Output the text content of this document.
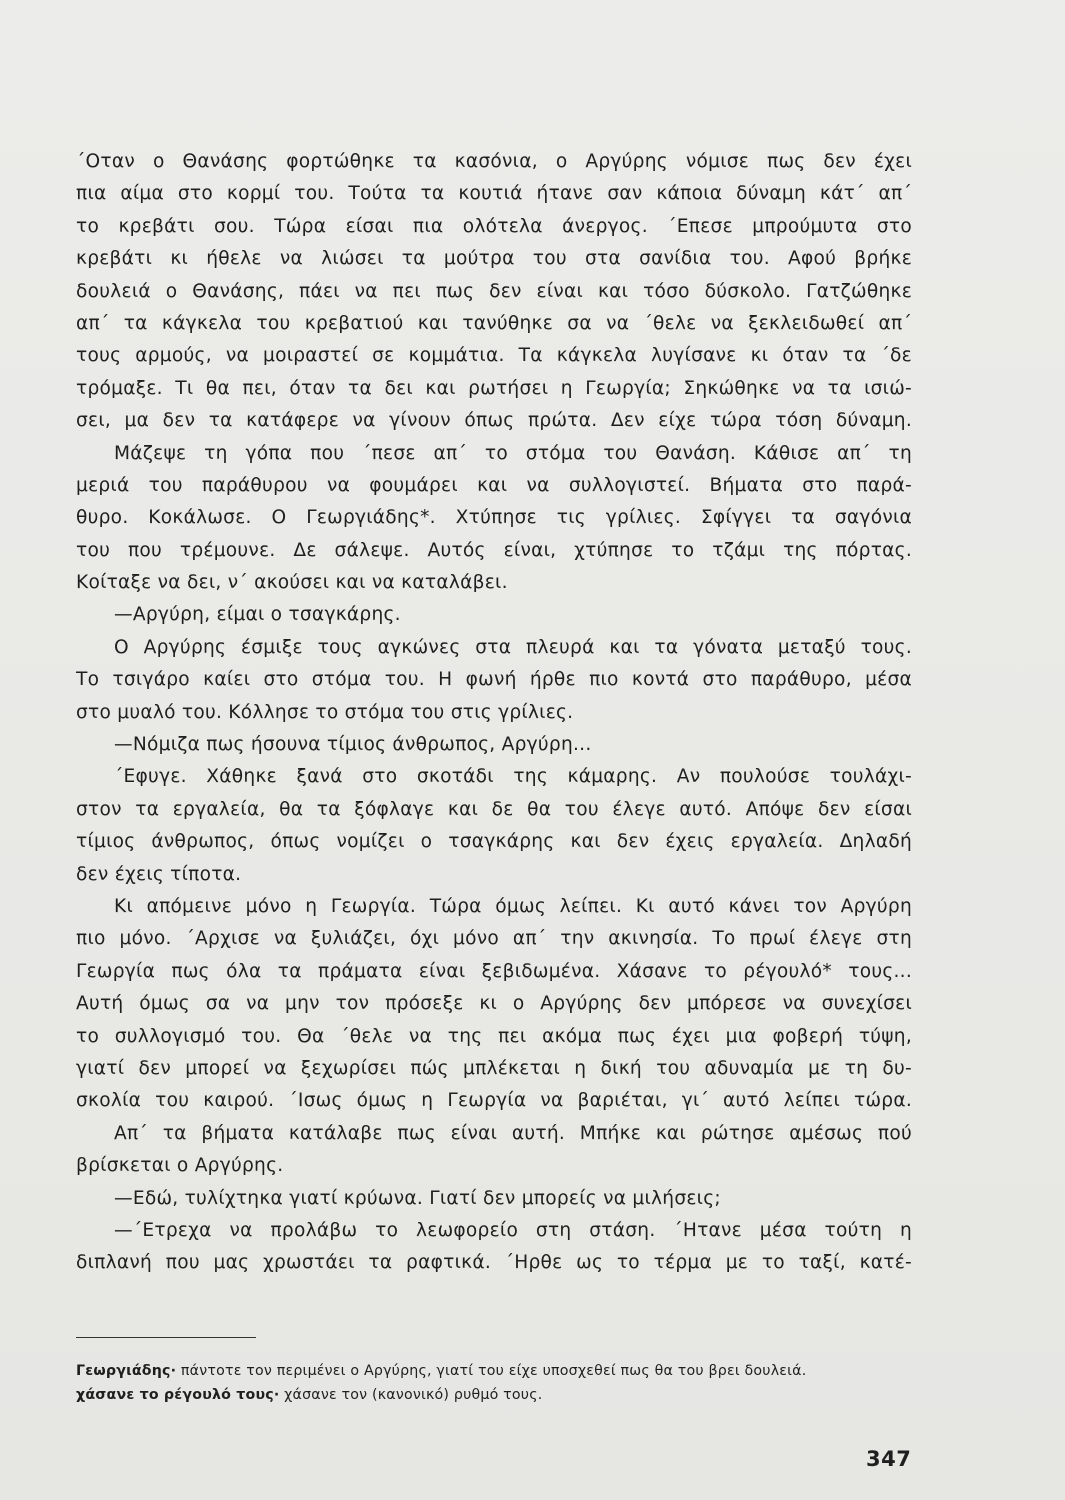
΄Οταν ο Θανάσης φορτώθηκε τα κασόνια, ο Αργύρης νόμισε πως δεν έχει
πια αίμα στο κορμί του. Τούτα τα κουτιά ήτανε σαν κάποια δύναμη κάτ΄ απ΄
το κρεβάτι σου. Τώρα είσαι πια ολότελα άνεργος. ΄Επεσε μπρούμυτα στο
κρεβάτι κι ήθελε να λιώσει τα μούτρα του στα σανίδια του. Αφού βρήκε
δουλειά ο Θανάσης, πάει να πει πως δεν είναι και τόσο δύσκολο. Γατζώθηκε
απ΄ τα κάγκελα του κρεβατιού και τανύθηκε σα να ΄θελε να ξεκλειδωθεί απ΄
τους αρμούς, να μοιραστεί σε κομμάτια. Τα κάγκελα λυγίσανε κι όταν τα ΄δε
τρόμαξε. Τι θα πει, όταν τα δει και ρωτήσει η Γεωργία; Σηκώθηκε να τα ισιώ-
σει, μα δεν τα κατάφερε να γίνουν όπως πρώτα. Δεν είχε τώρα τόση δύναμη.
Μάζεψε τη γόπα που ΄πεσε απ΄ το στόμα του Θανάση. Κάθισε απ΄ τη
μεριά του παράθυρου να φουμάρει και να συλλογιστεί. Βήματα στο παρά-
θυρο. Κοκάλωσε. Ο Γεωργιάδης*. Χτύπησε τις γρίλιες. Σφίγγει τα σαγόνια
του που τρέμουνε. Δε σάλεψε. Αυτός είναι, χτύπησε το τζάμι της πόρτας.
Κοίταξε να δει, ν΄ ακούσει και να καταλάβει.
—Αργύρη, είμαι ο τσαγκάρης.
Ο Αργύρης έσμιξε τους αγκώνες στα πλευρά και τα γόνατα μεταξύ τους.
Το τσιγάρο καίει στο στόμα του. Η φωνή ήρθε πιο κοντά στο παράθυρο, μέσα
στο μυαλό του. Κόλλησε το στόμα του στις γρίλιες.
—Νόμιζα πως ήσουνα τίμιος άνθρωπος, Αργύρη...
΄Εφυγε. Χάθηκε ξανά στο σκοτάδι της κάμαρης. Αν πουλούσε τουλάχι-
στον τα εργαλεία, θα τα ξόφλαγε και δε θα του έλεγε αυτό. Απόψε δεν είσαι
τίμιος άνθρωπος, όπως νομίζει ο τσαγκάρης και δεν έχεις εργαλεία. Δηλαδή
δεν έχεις τίποτα.
Κι απόμεινε μόνο η Γεωργία. Τώρα όμως λείπει. Κι αυτό κάνει τον Αργύρη
πιο μόνο. ΄Αρχισε να ξυλιάζει, όχι μόνο απ΄ την ακινησία. Το πρωί έλεγε στη
Γεωργία πως όλα τα πράματα είναι ξεβιδωμένα. Χάσανε το ρέγουλό* τους...
Αυτή όμως σα να μην τον πρόσεξε κι ο Αργύρης δεν μπόρεσε να συνεχίσει
το συλλογισμό του. Θα ΄θελε να της πει ακόμα πως έχει μια φοβερή τύψη,
γιατί δεν μπορεί να ξεχωρίσει πώς μπλέκεται η δική του αδυναμία με τη δυ-
σκολία του καιρού. ΄Ισως όμως η Γεωργία να βαριέται, γι΄ αυτό λείπει τώρα.
Απ΄ τα βήματα κατάλαβε πως είναι αυτή. Μπήκε και ρώτησε αμέσως πού
βρίσκεται ο Αργύρης.
—Εδώ, τυλίχτηκα γιατί κρύωνα. Γιατί δεν μπορείς να μιλήσεις;
—΄Ετρεχα να προλάβω το λεωφορείο στη στάση. ΄Ητανε μέσα τούτη η
διπλανή που μας χρωστάει τα ραφτικά. ΄Ηρθε ως το τέρμα με το ταξί, κατέ-
Γεωργιάδης· πάντοτε τον περιμένει ο Αργύρης, γιατί του είχε υποσχεθεί πως θα του βρει δουλειά.
χάσανε το ρέγουλό τους· χάσανε τον (κανονικό) ρυθμό τους.
347
